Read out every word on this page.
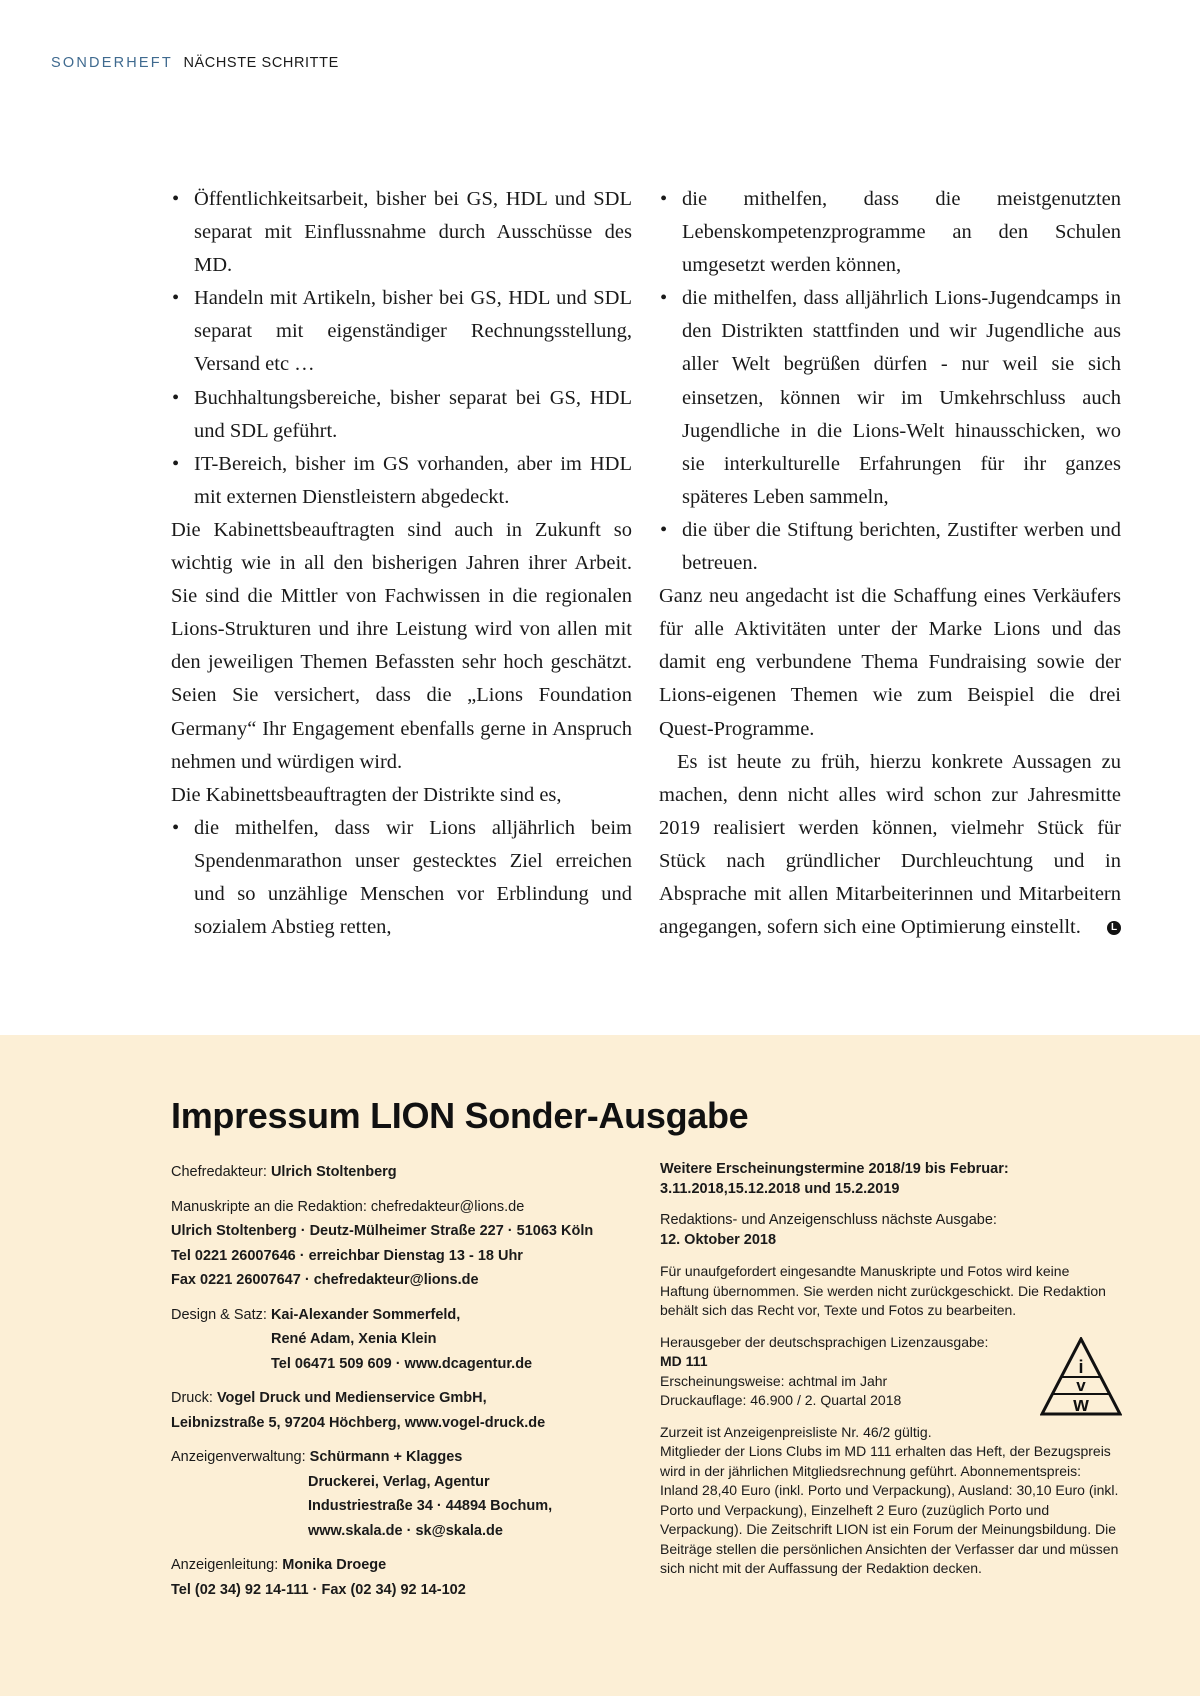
SONDERHEFT NÄCHSTE SCHRITTE
• Öffentlichkeitsarbeit, bisher bei GS, HDL und SDL separat mit Einflussnahme durch Ausschüsse des MD.
• Handeln mit Artikeln, bisher bei GS, HDL und SDL separat mit eigenständiger Rechnungsstellung, Versand etc …
• Buchhaltungsbereiche, bisher separat bei GS, HDL und SDL geführt.
• IT-Bereich, bisher im GS vorhanden, aber im HDL mit externen Dienstleistern abgedeckt.

Die Kabinettsbeauftragten sind auch in Zukunft so wichtig wie in all den bisherigen Jahren ihrer Arbeit. Sie sind die Mittler von Fachwissen in die regionalen Lions-Strukturen und ihre Leistung wird von allen mit den jeweiligen Themen Befassten sehr hoch geschätzt. Seien Sie versichert, dass die „Lions Foundation Germany“ Ihr Engagement ebenfalls gerne in Anspruch nehmen und würdigen wird.

Die Kabinettsbeauftragten der Distrikte sind es,

• die mithelfen, dass wir Lions alljährlich beim Spendenmarathon unser gestecktes Ziel erreichen und so unzählige Menschen vor Erblindung und sozialem Abstieg retten,
• die mithelfen, dass die meistgenutzten Lebenskompetenzprogramme an den Schulen umgesetzt werden können,
• die mithelfen, dass alljährlich Lions-Jugendcamps in den Distrikten stattfinden und wir Jugendliche aus aller Welt begrüßen dürfen - nur weil sie sich einsetzen, können wir im Umkehrschluss auch Jugendliche in die Lions-Welt hinausschicken, wo sie interkulturelle Erfahrungen für ihr ganzes späteres Leben sammeln,
• die über die Stiftung berichten, Zustifter werben und betreuen.

Ganz neu angedacht ist die Schaffung eines Verkäufers für alle Aktivitäten unter der Marke Lions und das damit eng verbundene Thema Fundraising sowie der Lions-eigenen Themen wie zum Beispiel die drei Quest-Programme.

Es ist heute zu früh, hierzu konkrete Aussagen zu machen, denn nicht alles wird schon zur Jahresmitte 2019 realisiert werden können, vielmehr Stück für Stück nach gründlicher Durchleuchtung und in Absprache mit allen Mitarbeiterinnen und Mitarbeitern angegangen, sofern sich eine Optimierung einstellt.	L

Impressum LION Sonder-Ausgabe
Chefredakteur: Ulrich Stoltenberg
Manuskripte an die Redaktion: chefredakteur@lions.de
Ulrich Stoltenberg · Deutz-Mülheimer Straße 227 · 51063 Köln
Tel 0221 26007646 · erreichbar Dienstag 13 - 18 Uhr
Fax 0221 26007647 · chefredakteur@lions.de
Design & Satz: Kai-Alexander Sommerfeld,
René Adam, Xenia Klein
Tel 06471 509 609 · www.dcagentur.de
Druck: Vogel Druck und Medienservice GmbH,
Leibnizstraße 5, 97204 Höchberg, www.vogel-druck.de
Anzeigenverwaltung: Schürmann + Klagges
Druckerei, Verlag, Agentur
Industriestraße 34 · 44894 Bochum,
www.skala.de · sk@skala.de
Anzeigenleitung: Monika Droege
Tel (02 34) 92 14-111 · Fax (02 34) 92 14-102
Weitere Erscheinungstermine 2018/19 bis Februar:
3.11.2018,15.12.2018 und 15.2.2019
Redaktions- und Anzeigenschluss nächste Ausgabe:
12. Oktober 2018
Für unaufgefordert eingesandte Manuskripte und Fotos wird keine Haftung übernommen. Sie werden nicht zurückgeschickt. Die Redaktion behält sich das Recht vor, Texte und Fotos zu bearbeiten.
Herausgeber der deutschsprachigen Lizenzausgabe: MD 111
Erscheinungsweise: achtmal im Jahr
Druckauflage: 46.900 / 2. Quartal 2018
Zurzeit ist Anzeigenpreisliste Nr. 46/2 gültig.
Mitglieder der Lions Clubs im MD 111 erhalten das Heft, der Bezugspreis wird in der jährlichen Mitgliedsrechnung geführt. Abonnementspreis: Inland 28,40 Euro (inkl. Porto und Verpackung), Ausland: 30,10 Euro (inkl. Porto und Verpackung), Einzelheft 2 Euro (zuzüglich Porto und Verpackung). Die Zeitschrift LION ist ein Forum der Meinungsbildung. Die Beiträge stellen die persönlichen Ansichten der Verfasser dar und müssen sich nicht mit der Auffassung der Redaktion decken.
i
v
w
